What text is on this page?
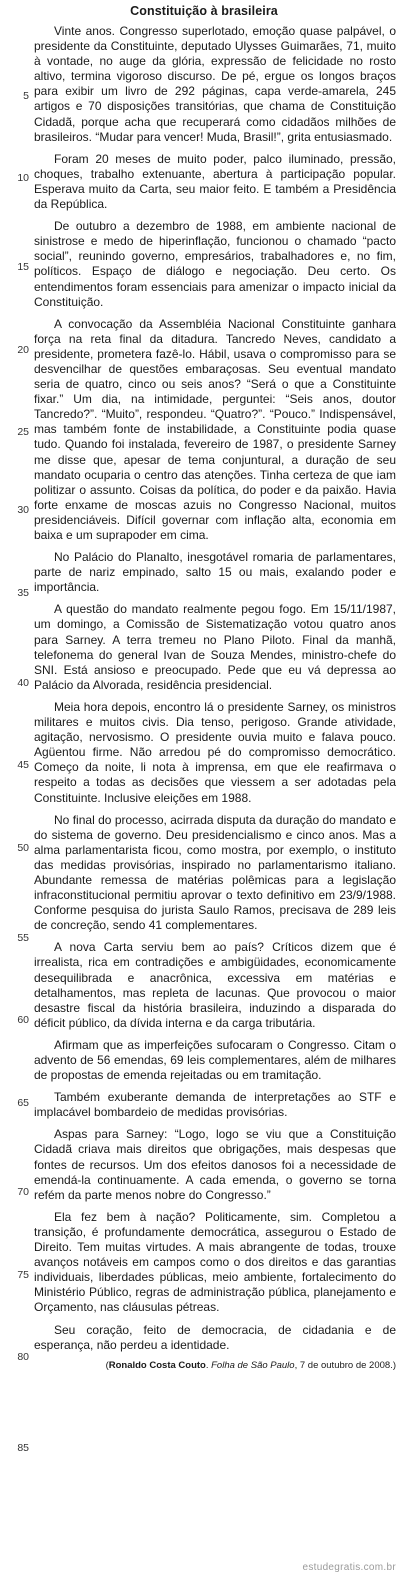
Constituição à brasileira
5
10
15
20
25
30
35
40
45
50
55
60
65
70
75
80
85

Vinte anos. Congresso superlotado, emoção quase palpável, o presidente da Constituinte, deputado Ulysses Guimarães, 71, muito à vontade, no auge da glória, expressão de felicidade no rosto altivo, termina vigoroso discurso. De pé, ergue os longos braços para exibir um livro de 292 páginas, capa verde-amarela, 245 artigos e 70 disposições transitórias, que chama de Constituição Cidadã, porque acha que recuperará como cidadãos milhões de brasileiros. “Mudar para vencer! Muda, Brasil!”, grita entusiasmado.

Foram 20 meses de muito poder, palco iluminado, pressão, choques, trabalho extenuante, abertura à participação popular. Esperava muito da Carta, seu maior feito. E também a Presidência da República.

De outubro a dezembro de 1988, em ambiente nacional de sinistrose e medo de hiperinflação, funcionou o chamado “pacto social”, reunindo governo, empresários, trabalhadores e, no fim, políticos. Espaço de diálogo e negociação. Deu certo. Os entendimentos foram essenciais para amenizar o impacto inicial da Constituição.

A convocação da Assembléia Nacional Constituinte ganhara força na reta final da ditadura. Tancredo Neves, candidato a presidente, prometera fazê-lo. Hábil, usava o compromisso para se desvencilhar de questões embaraçosas. Seu eventual mandato seria de quatro, cinco ou seis anos? “Será o que a Constituinte fixar.” Um dia, na intimidade, perguntei: “Seis anos, doutor Tancredo?”. “Muito”, respondeu. “Quatro?”. “Pouco.” Indispensável, mas também fonte de instabilidade, a Constituinte podia quase tudo. Quando foi instalada, fevereiro de 1987, o presidente Sarney me disse que, apesar de tema conjuntural, a duração de seu mandato ocuparia o centro das atenções. Tinha certeza de que iam politizar o assunto. Coisas da política, do poder e da paixão. Havia forte enxame de moscas azuis no Congresso Nacional, muitos presidenciáveis. Difícil governar com inflação alta, economia em baixa e um suprapoder em cima.

No Palácio do Planalto, inesgotável romaria de parlamentares, parte de nariz empinado, salto 15 ou mais, exalando poder e importância.

A questão do mandato realmente pegou fogo. Em 15/11/1987, um domingo, a Comissão de Sistematização votou quatro anos para Sarney. A terra tremeu no Plano Piloto. Final da manhã, telefonema do general Ivan de Souza Mendes, ministro-chefe do SNI. Está ansioso e preocupado. Pede que eu vá depressa ao Palácio da Alvorada, residência presidencial.

Meia hora depois, encontro lá o presidente Sarney, os ministros militares e muitos civis. Dia tenso, perigoso. Grande atividade, agitação, nervosismo. O presidente ouvia muito e falava pouco. Agüentou firme. Não arredou pé do compromisso democrático. Começo da noite, li nota à imprensa, em que ele reafirmava o respeito a todas as decisões que viessem a ser adotadas pela Constituinte. Inclusive eleições em 1988.

No final do processo, acirrada disputa da duração do mandato e do sistema de governo. Deu presidencialismo e cinco anos. Mas a alma parlamentarista ficou, como mostra, por exemplo, o instituto das medidas provisórias, inspirado no parlamentarismo italiano. Abundante remessa de matérias polêmicas para a legislação infraconstitucional permitiu aprovar o texto definitivo em 23/9/1988. Conforme pesquisa do jurista Saulo Ramos, precisava de 289 leis de concreção, sendo 41 complementares.

A nova Carta serviu bem ao país? Críticos dizem que é irrealista, rica em contradições e ambigüidades, economicamente desequilibrada e anacrônica, excessiva em matérias e detalhamentos, mas repleta de lacunas. Que provocou o maior desastre fiscal da história brasileira, induzindo a disparada do déficit público, da dívida interna e da carga tributária.

Afirmam que as imperfeições sufocaram o Congresso. Citam o advento de 56 emendas, 69 leis complementares, além de milhares de propostas de emenda rejeitadas ou em tramitação.

Também exuberante demanda de interpretações ao STF e implacável bombardeio de medidas provisórias.

Aspas para Sarney: “Logo, logo se viu que a Constituição Cidadã criava mais direitos que obrigações, mais despesas que fontes de recursos. Um dos efeitos danosos foi a necessidade de emendá-la continuamente. A cada emenda, o governo se torna refém da parte menos nobre do Congresso.”

Ela fez bem à nação? Politicamente, sim. Completou a transição, é profundamente democrática, assegurou o Estado de Direito. Tem muitas virtudes. A mais abrangente de todas, trouxe avanços notáveis em campos como o dos direitos e das garantias individuais, liberdades públicas, meio ambiente, fortalecimento do Ministério Público, regras de administração pública, planejamento e Orçamento, nas cláusulas pétreas.

Seu coração, feito de democracia, de cidadania e de esperança, não perdeu a identidade.

(Ronaldo Costa Couto. Folha de São Paulo, 7 de outubro de 2008.)
estudegratis.com.br
